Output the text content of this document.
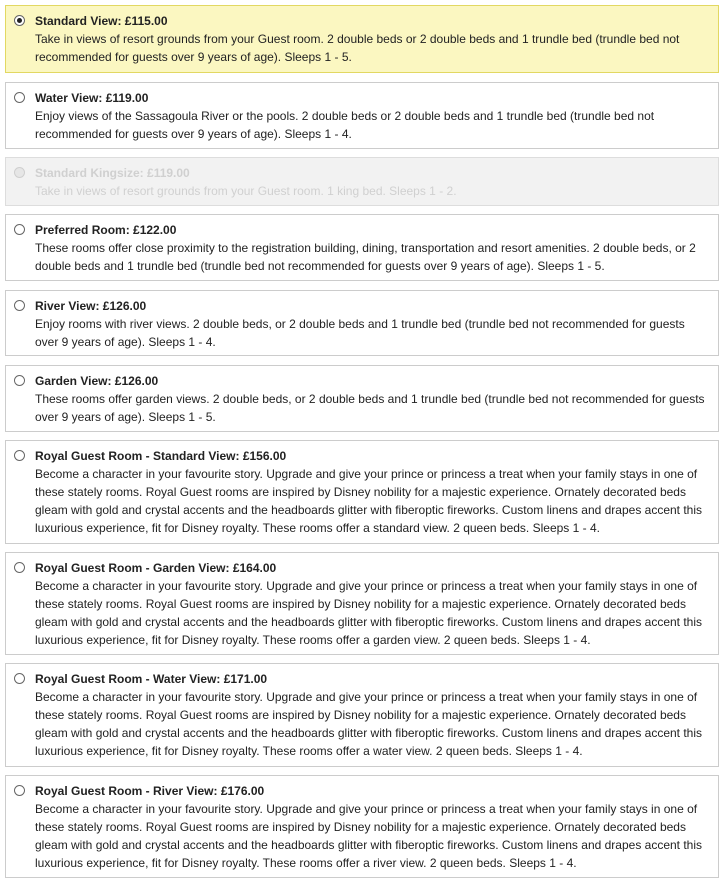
Standard View: £115.00
Take in views of resort grounds from your Guest room. 2 double beds or 2 double beds and 1 trundle bed (trundle bed not recommended for guests over 9 years of age). Sleeps 1 - 5.
Water View: £119.00
Enjoy views of the Sassagoula River or the pools. 2 double beds or 2 double beds and 1 trundle bed (trundle bed not recommended for guests over 9 years of age). Sleeps 1 - 4.
Standard Kingsize: £119.00
Take in views of resort grounds from your Guest room. 1 king bed. Sleeps 1 - 2.
Preferred Room: £122.00
These rooms offer close proximity to the registration building, dining, transportation and resort amenities. 2 double beds, or 2 double beds and 1 trundle bed (trundle bed not recommended for guests over 9 years of age). Sleeps 1 - 5.
River View: £126.00
Enjoy rooms with river views. 2 double beds, or 2 double beds and 1 trundle bed (trundle bed not recommended for guests over 9 years of age). Sleeps 1 - 4.
Garden View: £126.00
These rooms offer garden views. 2 double beds, or 2 double beds and 1 trundle bed (trundle bed not recommended for guests over 9 years of age). Sleeps 1 - 5.
Royal Guest Room - Standard View: £156.00
Become a character in your favourite story. Upgrade and give your prince or princess a treat when your family stays in one of these stately rooms. Royal Guest rooms are inspired by Disney nobility for a majestic experience. Ornately decorated beds gleam with gold and crystal accents and the headboards glitter with fiberoptic fireworks. Custom linens and drapes accent this luxurious experience, fit for Disney royalty. These rooms offer a standard view. 2 queen beds. Sleeps 1 - 4.
Royal Guest Room - Garden View: £164.00
Become a character in your favourite story. Upgrade and give your prince or princess a treat when your family stays in one of these stately rooms. Royal Guest rooms are inspired by Disney nobility for a majestic experience. Ornately decorated beds gleam with gold and crystal accents and the headboards glitter with fiberoptic fireworks. Custom linens and drapes accent this luxurious experience, fit for Disney royalty. These rooms offer a garden view. 2 queen beds. Sleeps 1 - 4.
Royal Guest Room - Water View: £171.00
Become a character in your favourite story. Upgrade and give your prince or princess a treat when your family stays in one of these stately rooms. Royal Guest rooms are inspired by Disney nobility for a majestic experience. Ornately decorated beds gleam with gold and crystal accents and the headboards glitter with fiberoptic fireworks. Custom linens and drapes accent this luxurious experience, fit for Disney royalty. These rooms offer a water view. 2 queen beds. Sleeps 1 - 4.
Royal Guest Room - River View: £176.00
Become a character in your favourite story. Upgrade and give your prince or princess a treat when your family stays in one of these stately rooms. Royal Guest rooms are inspired by Disney nobility for a majestic experience. Ornately decorated beds gleam with gold and crystal accents and the headboards glitter with fiberoptic fireworks. Custom linens and drapes accent this luxurious experience, fit for Disney royalty. These rooms offer a river view. 2 queen beds. Sleeps 1 - 4.
